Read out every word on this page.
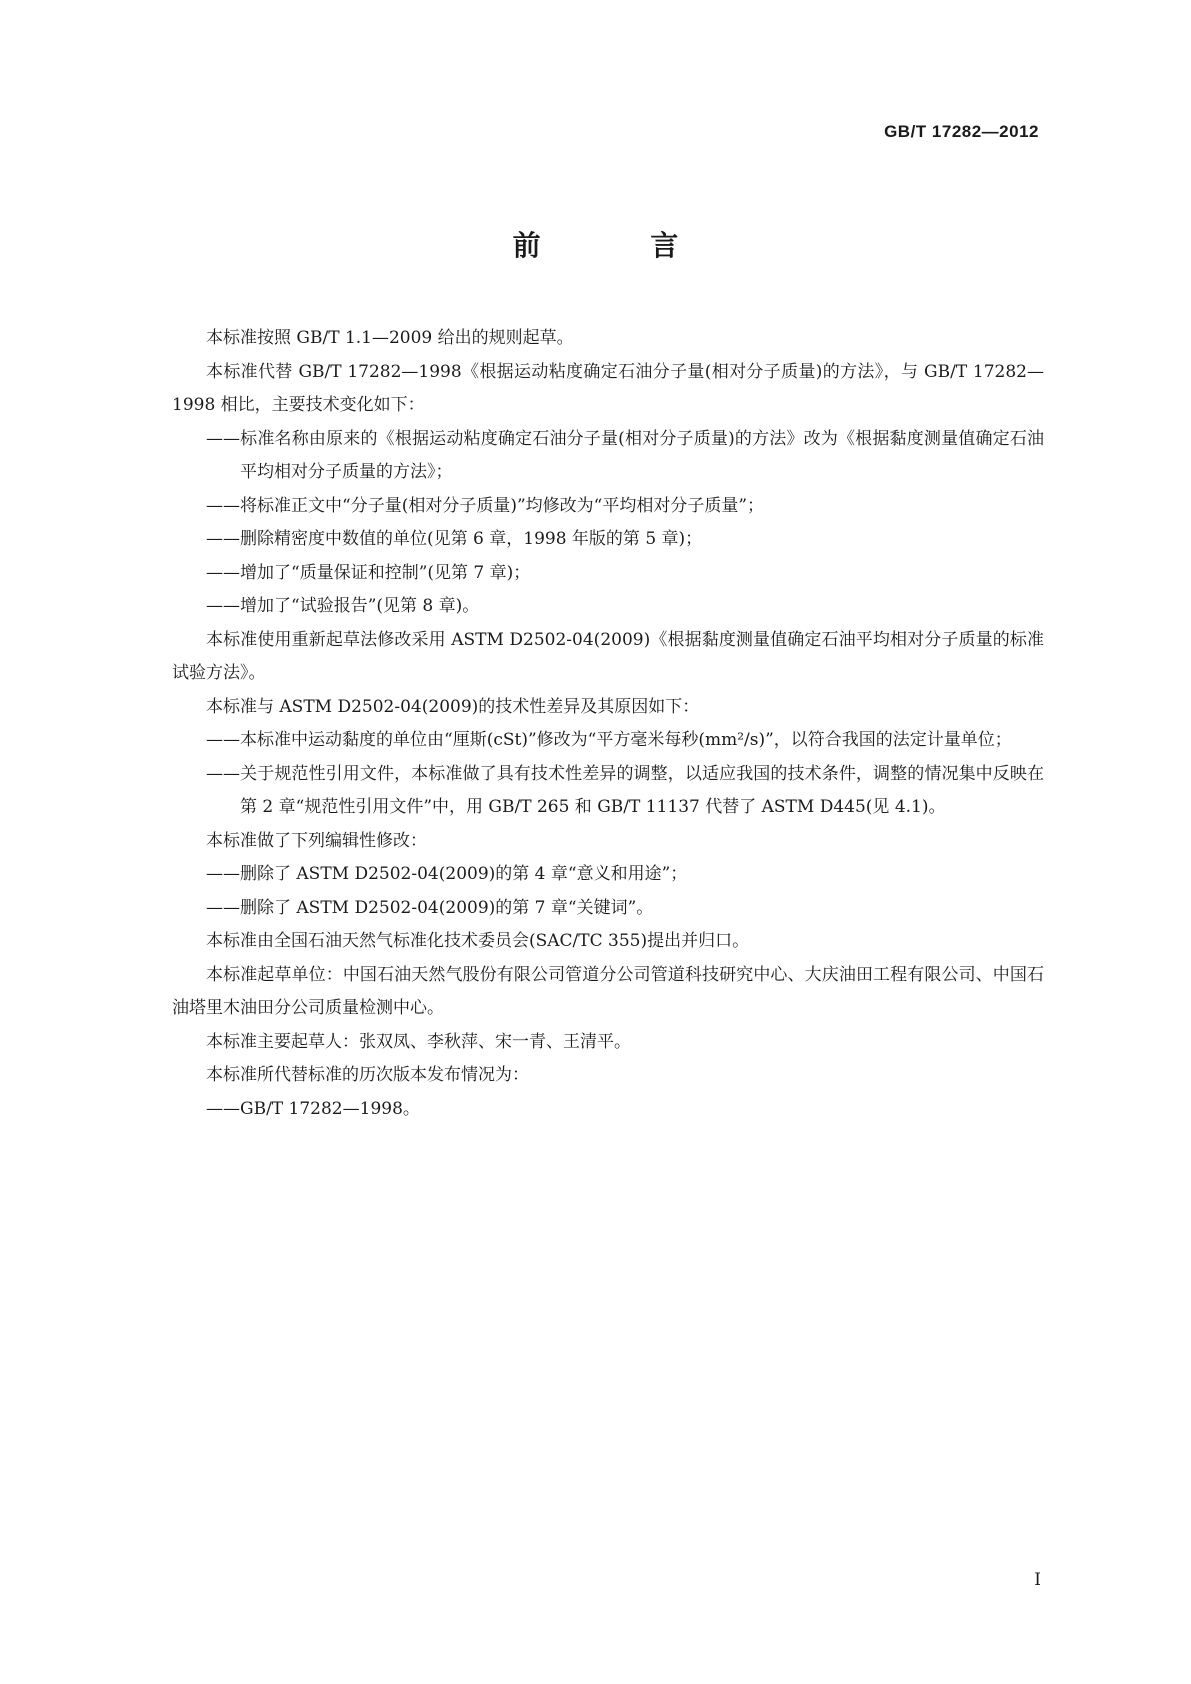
GB/T 17282—2012
前 言
本标准按照 GB/T 1.1—2009 给出的规则起草。
本标准代替 GB/T 17282—1998《根据运动粘度确定石油分子量(相对分子质量)的方法》，与 GB/T 17282—1998 相比，主要技术变化如下：
——标准名称由原来的《根据运动粘度确定石油分子量(相对分子质量)的方法》改为《根据黏度测量值确定石油平均相对分子质量的方法》；
——将标准正文中“分子量(相对分子质量)”均修改为“平均相对分子质量”；
——删除精密度中数值的单位(见第 6 章，1998 年版的第 5 章)；
——增加了“质量保证和控制”(见第 7 章)；
——增加了“试验报告”(见第 8 章)。
本标准使用重新起草法修改采用 ASTM D2502-04(2009)《根据黏度测量值确定石油平均相对分子质量的标准试验方法》。
本标准与 ASTM D2502-04(2009)的技术性差异及其原因如下：
——本标准中运动黏度的单位由“厘斯(cSt)”修改为“平方毫米每秒(mm²/s)”，以符合我国的法定计量单位；
——关于规范性引用文件，本标准做了具有技术性差异的调整，以适应我国的技术条件，调整的情况集中反映在第 2 章“规范性引用文件”中，用 GB/T 265 和 GB/T 11137 代替了 ASTM D445(见 4.1)。
本标准做了下列编辑性修改：
——删除了 ASTM D2502-04(2009)的第 4 章“意义和用途”；
——删除了 ASTM D2502-04(2009)的第 7 章“关键词”。
本标准由全国石油天然气标准化技术委员会(SAC/TC 355)提出并归口。
本标准起草单位：中国石油天然气股份有限公司管道分公司管道科技研究中心、大庆油田工程有限公司、中国石油塔里木油田分公司质量检测中心。
本标准主要起草人：张双凤、李秋萍、宋一青、王清平。
本标准所代替标准的历次版本发布情况为：
——GB/T 17282—1998。
I
